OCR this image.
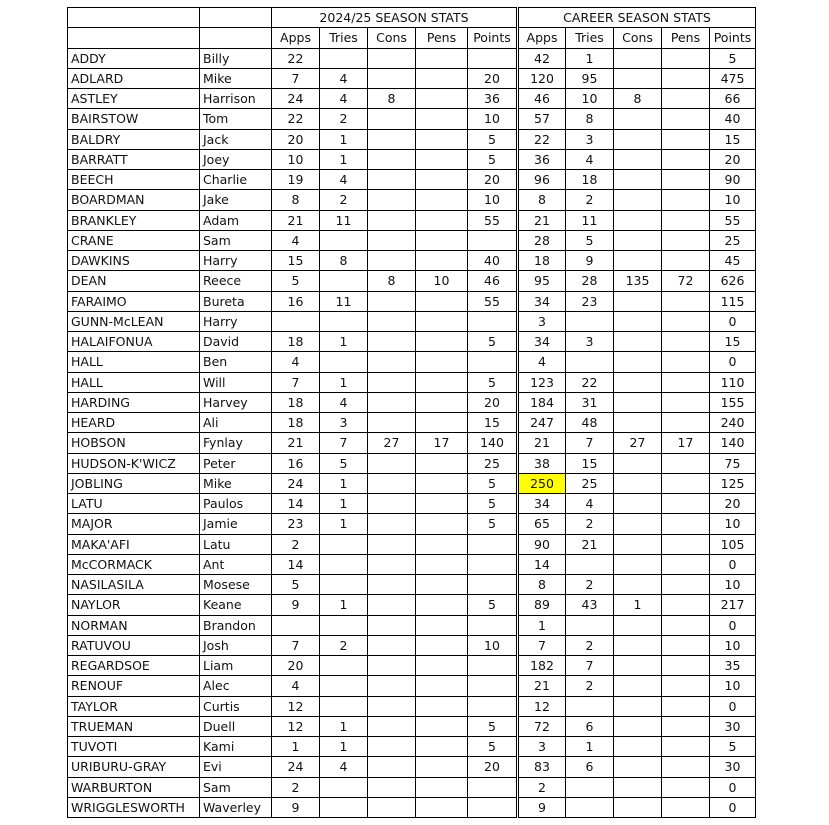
		2024/25 SEASON STATS					CAREER SEASON STATS				
		Apps	Tries	Cons	Pens	Points	Apps	Tries	Cons	Pens	Points
ADDY	Billy	22					42	1			5
ADLARD	Mike	7	4			20	120	95			475
ASTLEY	Harrison	24	4	8		36	46	10	8		66
BAIRSTOW	Tom	22	2			10	57	8			40
BALDRY	Jack	20	1			5	22	3			15
BARRATT	Joey	10	1			5	36	4			20
BEECH	Charlie	19	4			20	96	18			90
BOARDMAN	Jake	8	2			10	8	2			10
BRANKLEY	Adam	21	11			55	21	11			55
CRANE	Sam	4					28	5			25
DAWKINS	Harry	15	8			40	18	9			45
DEAN	Reece	5		8	10	46	95	28	135	72	626
FARAIMO	Bureta	16	11			55	34	23			115
GUNN-McLEAN	Harry						3				0
HALAIFONUA	David	18	1			5	34	3			15
HALL	Ben	4					4				0
HALL	Will	7	1			5	123	22			110
HARDING	Harvey	18	4			20	184	31			155
HEARD	Ali	18	3			15	247	48			240
HOBSON	Fynlay	21	7	27	17	140	21	7	27	17	140
HUDSON-K'WICZ	Peter	16	5			25	38	15			75
JOBLING	Mike	24	1			5	250	25			125
LATU	Paulos	14	1			5	34	4			20
MAJOR	Jamie	23	1			5	65	2			10
MAKA'AFI	Latu	2					90	21			105
McCORMACK	Ant	14					14				0
NASILASILA	Mosese	5					8	2			10
NAYLOR	Keane	9	1			5	89	43	1		217
NORMAN	Brandon						1				0
RATUVOU	Josh	7	2			10	7	2			10
REGARDSOE	Liam	20					182	7			35
RENOUF	Alec	4					21	2			10
TAYLOR	Curtis	12					12				0
TRUEMAN	Duell	12	1			5	72	6			30
TUVOTI	Kami	1	1			5	3	1			5
URIBURU-GRAY	Evi	24	4			20	83	6			30
WARBURTON	Sam	2					2				0
WRIGGLESWORTH	Waverley	9					9				0
